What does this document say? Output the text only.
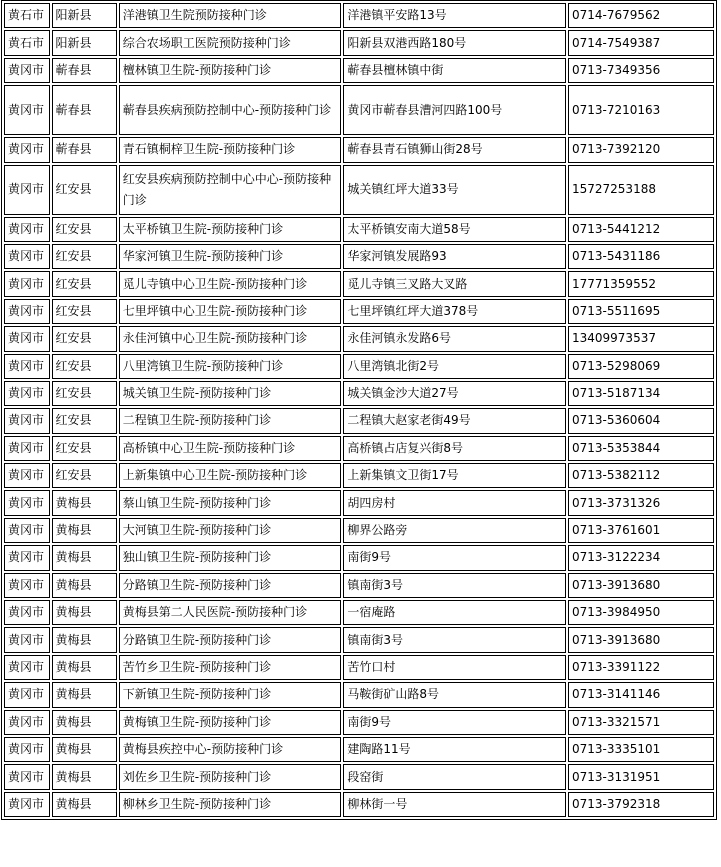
黄石市	阳新县	洋港镇卫生院预防接种门诊	洋港镇平安路13号	0714-7679562
黄石市	阳新县	综合农场职工医院预防接种门诊	阳新县双港西路180号	0714-7549387
黄冈市	蕲春县	檀林镇卫生院-预防接种门诊	蕲春县檀林镇中街	0713-7349356
黄冈市	蕲春县	蕲春县疾病预防控制中心-预防接种门诊	黄冈市蕲春县漕河四路100号	0713-7210163
黄冈市	蕲春县	青石镇桐梓卫生院-预防接种门诊	蕲春县青石镇狮山街28号	0713-7392120
黄冈市	红安县	红安县疾病预防控制中心中心-预防接种门诊	城关镇红坪大道33号	15727253188
黄冈市	红安县	太平桥镇卫生院-预防接种门诊	太平桥镇安南大道58号	0713-5441212
黄冈市	红安县	华家河镇卫生院-预防接种门诊	华家河镇发展路93	0713-5431186
黄冈市	红安县	觅儿寺镇中心卫生院-预防接种门诊	觅儿寺镇三叉路大叉路	17771359552
黄冈市	红安县	七里坪镇中心卫生院-预防接种门诊	七里坪镇红坪大道378号	0713-5511695
黄冈市	红安县	永佳河镇中心卫生院-预防接种门诊	永佳河镇永发路6号	13409973537
黄冈市	红安县	八里湾镇卫生院-预防接种门诊	八里湾镇北街2号	0713-5298069
黄冈市	红安县	城关镇卫生院-预防接种门诊	城关镇金沙大道27号	0713-5187134
黄冈市	红安县	二程镇卫生院-预防接种门诊	二程镇大赵家老街49号	0713-5360604
黄冈市	红安县	高桥镇中心卫生院-预防接种门诊	高桥镇占店复兴街8号	0713-5353844
黄冈市	红安县	上新集镇中心卫生院-预防接种门诊	上新集镇文卫街17号	0713-5382112
黄冈市	黄梅县	蔡山镇卫生院-预防接种门诊	胡四房村	0713-3731326
黄冈市	黄梅县	大河镇卫生院-预防接种门诊	柳界公路旁	0713-3761601
黄冈市	黄梅县	独山镇卫生院-预防接种门诊	南街9号	0713-3122234
黄冈市	黄梅县	分路镇卫生院-预防接种门诊	镇南街3号	0713-3913680
黄冈市	黄梅县	黄梅县第二人民医院-预防接种门诊	一宿庵路	0713-3984950
黄冈市	黄梅县	分路镇卫生院-预防接种门诊	镇南街3号	0713-3913680
黄冈市	黄梅县	苦竹乡卫生院-预防接种门诊	苦竹口村	0713-3391122
黄冈市	黄梅县	下新镇卫生院-预防接种门诊	马鞍街矿山路8号	0713-3141146
黄冈市	黄梅县	黄梅镇卫生院-预防接种门诊	南街9号	0713-3321571
黄冈市	黄梅县	黄梅县疾控中心-预防接种门诊	建陶路11号	0713-3335101
黄冈市	黄梅县	刘佐乡卫生院-预防接种门诊	段窑街	0713-3131951
黄冈市	黄梅县	柳林乡卫生院-预防接种门诊	柳林街一号	0713-3792318
